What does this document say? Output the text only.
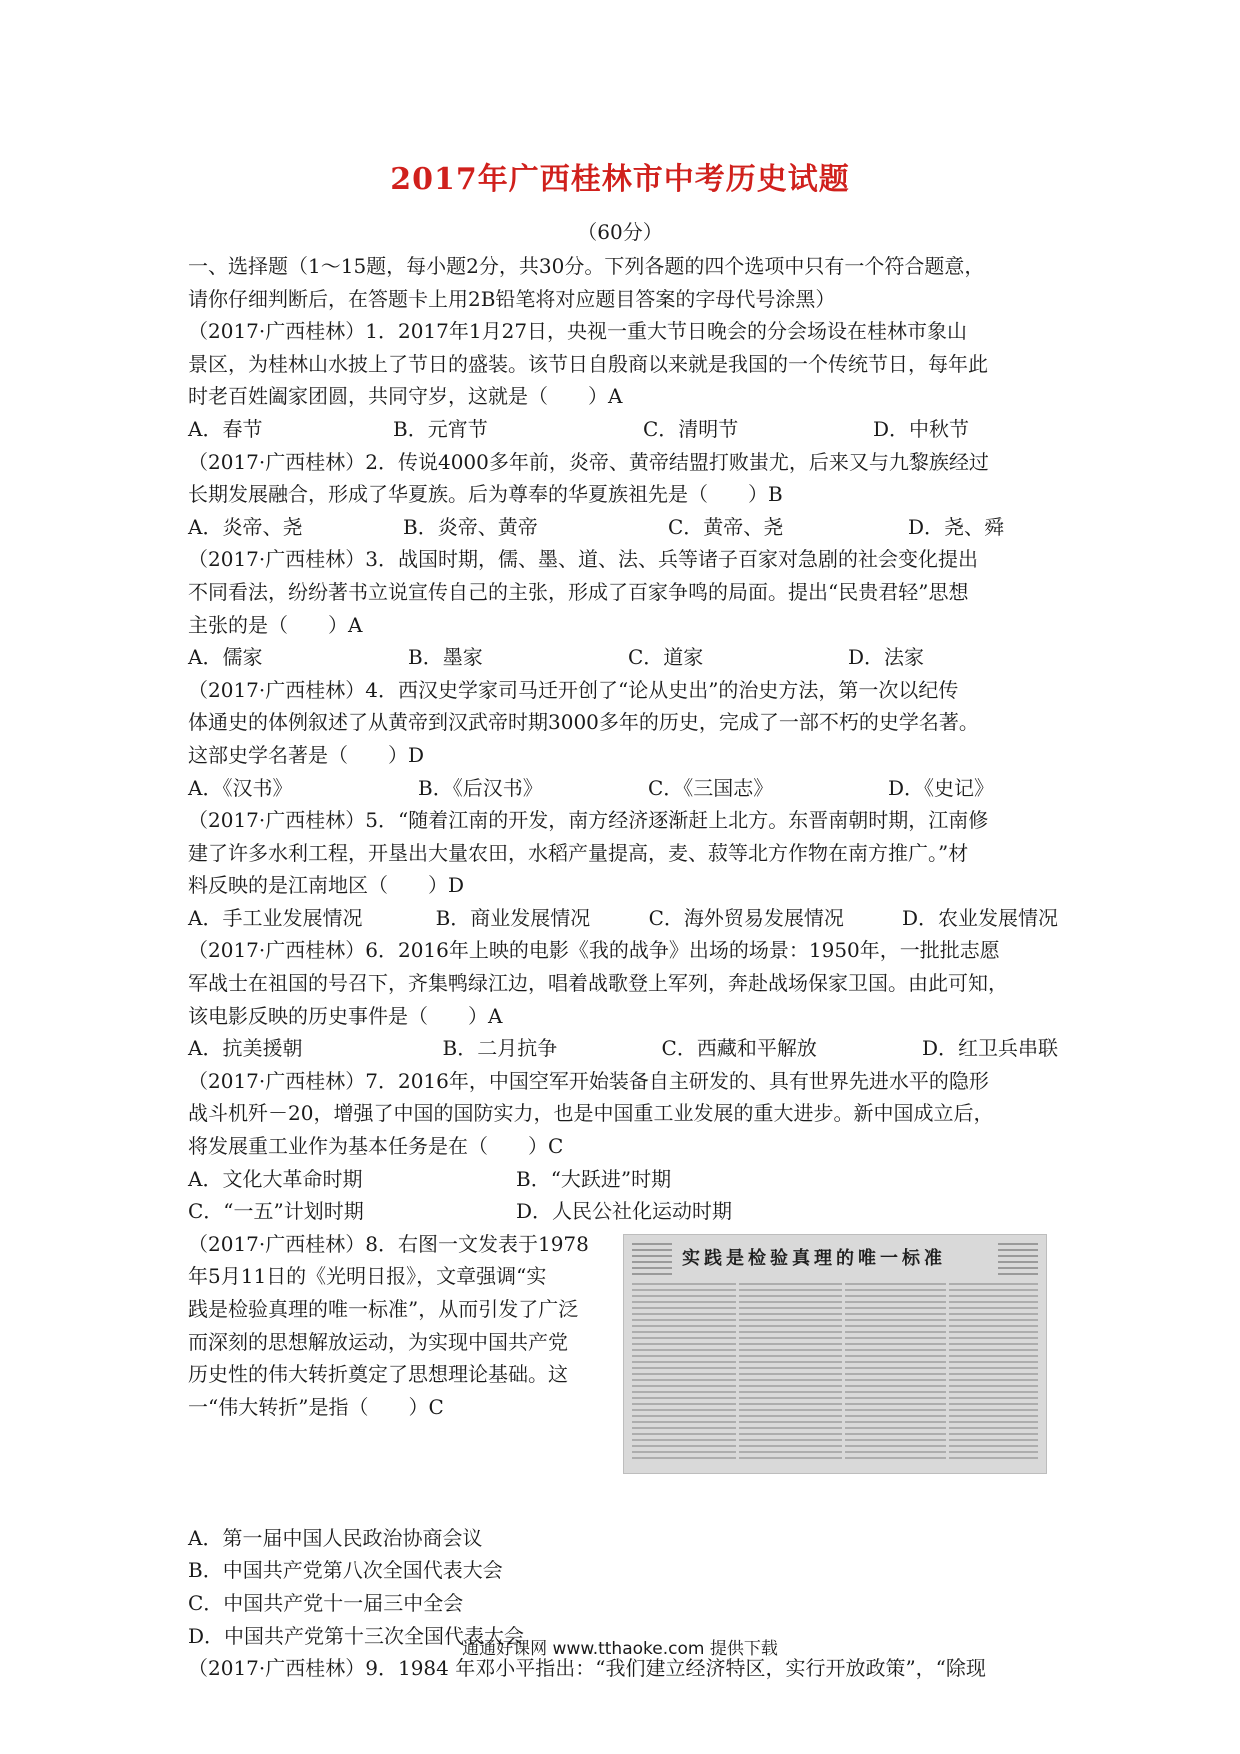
2017年广西桂林市中考历史试题
（60分）
一、选择题（1～15题，每小题2分，共30分。下列各题的四个选项中只有一个符合题意，
请你仔细判断后，在答题卡上用2B铅笔将对应题目答案的字母代号涂黑）
（2017·广西桂林）1．2017年1月27日，央视一重大节日晚会的分会场设在桂林市象山
景区，为桂林山水披上了节日的盛装。该节日自殷商以来就是我国的一个传统节日，每年此
时老百姓阖家团圆，共同守岁，这就是（　　）A
A．春节	B．元宵节	C．清明节	D．中秋节
（2017·广西桂林）2．传说4000多年前，炎帝、黄帝结盟打败蚩尤，后来又与九黎族经过
长期发展融合，形成了华夏族。后为尊奉的华夏族祖先是（　　）B
A．炎帝、尧	B．炎帝、黄帝	C．黄帝、尧	D．尧、舜
（2017·广西桂林）3．战国时期，儒、墨、道、法、兵等诸子百家对急剧的社会变化提出
不同看法，纷纷著书立说宣传自己的主张，形成了百家争鸣的局面。提出“民贵君轻”思想
主张的是（　　）A
A．儒家	B．墨家	C．道家	D．法家
（2017·广西桂林）4．西汉史学家司马迁开创了“论从史出”的治史方法，第一次以纪传
体通史的体例叙述了从黄帝到汉武帝时期3000多年的历史，完成了一部不朽的史学名著。
这部史学名著是（　　）D
A．《汉书》	B．《后汉书》	C．《三国志》	D．《史记》
（2017·广西桂林）5．“随着江南的开发，南方经济逐渐赶上北方。东晋南朝时期，江南修
建了许多水利工程，开垦出大量农田，水稻产量提高，麦、菽等北方作物在南方推广。”材
料反映的是江南地区（　　）D
A．手工业发展情况	B．商业发展情况	C．海外贸易发展情况	D．农业发展情况
（2017·广西桂林）6．2016年上映的电影《我的战争》出场的场景：1950年，一批批志愿
军战士在祖国的号召下，齐集鸭绿江边，唱着战歌登上军列，奔赴战场保家卫国。由此可知，
该电影反映的历史事件是（　　）A
A．抗美援朝	B．二月抗争	C．西藏和平解放	D．红卫兵串联
（2017·广西桂林）7．2016年，中国空军开始装备自主研发的、具有世界先进水平的隐形
战斗机歼－20，增强了中国的国防实力，也是中国重工业发展的重大进步。新中国成立后，
将发展重工业作为基本任务是在（　　）C
A．文化大革命时期	B．“大跃进”时期
C．“一五”计划时期	D．人民公社化运动时期
（2017·广西桂林）8．右图一文发表于1978
年5月11日的《光明日报》，文章强调“实
践是检验真理的唯一标准”，从而引发了广泛
而深刻的思想解放运动，为实现中国共产党
历史性的伟大转折奠定了思想理论基础。这
一“伟大转折”是指（　　）C
实践是检验真理的唯一标准
A．第一届中国人民政治协商会议
B．中国共产党第八次全国代表大会
C．中国共产党十一届三中全会
D．中国共产党第十三次全国代表大会
（2017·广西桂林）9．1984 年邓小平指出：“我们建立经济特区，实行开放政策”，“除现
通通好课网 www.tthaoke.com 提供下载
